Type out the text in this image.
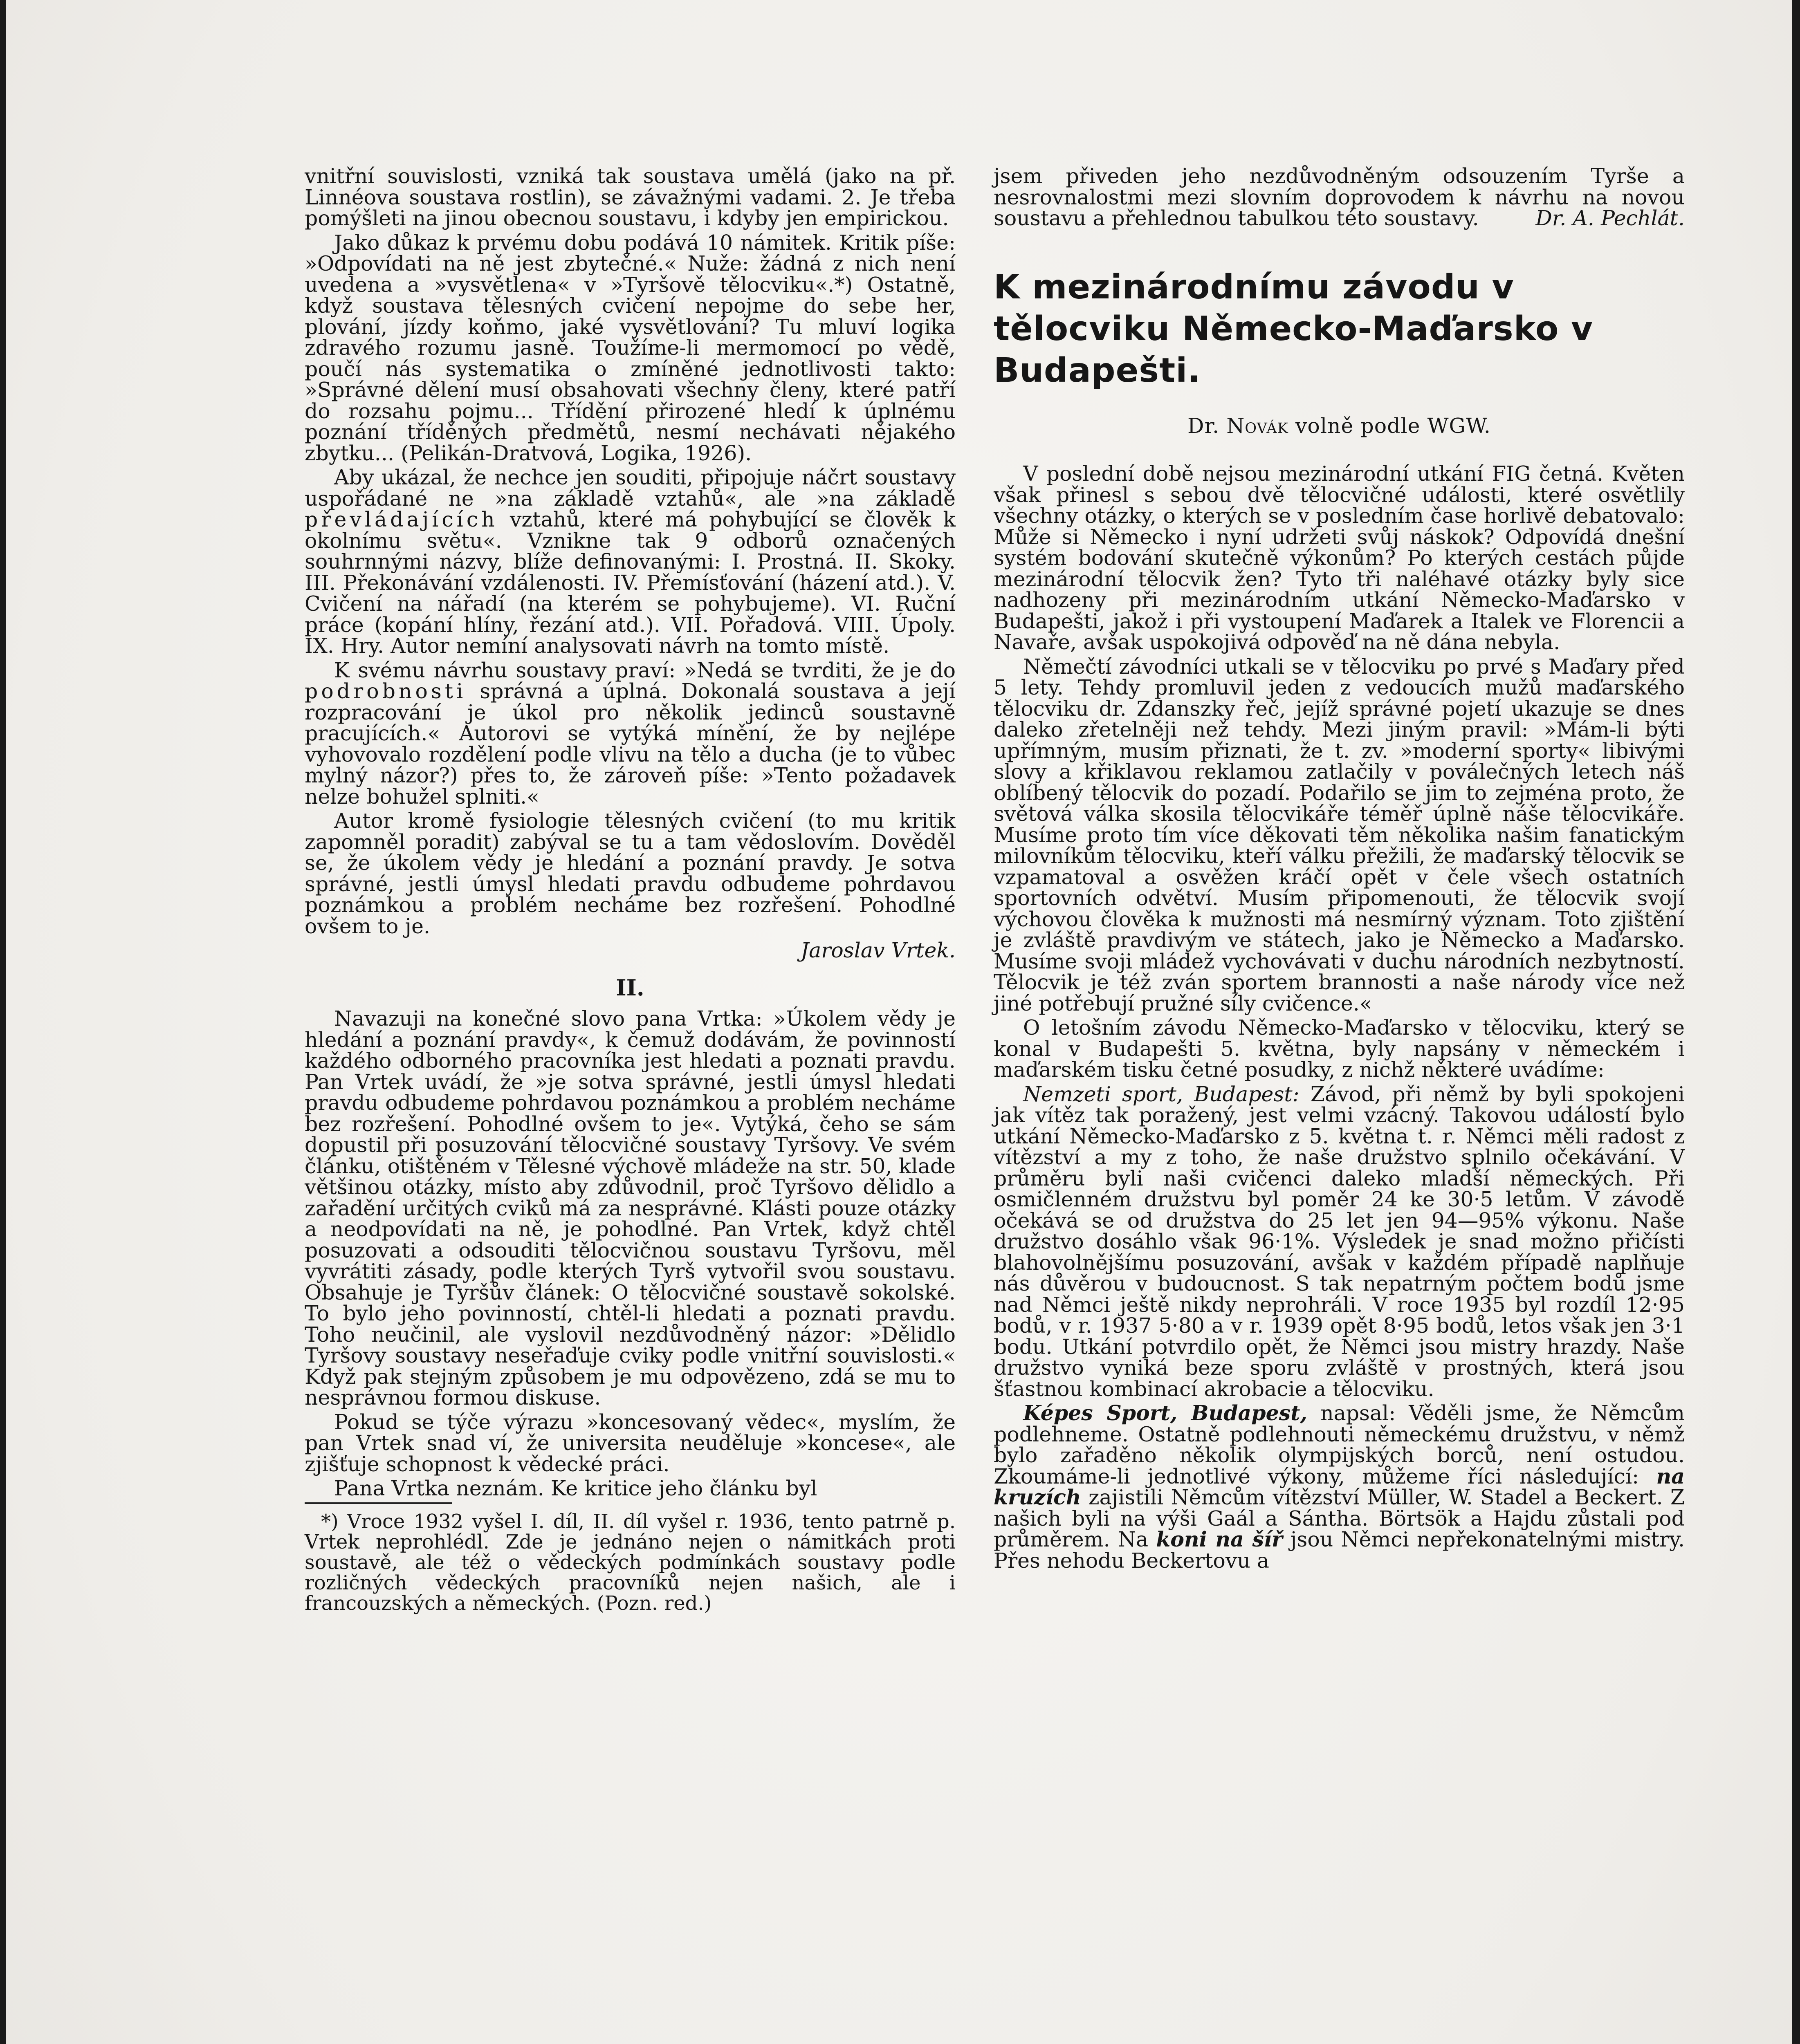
vnitřní souvislosti, vzniká tak soustava umělá (jako na př. Linnéova soustava rostlin), se závažnými vadami. 2. Je třeba pomýšleti na jinou obecnou soustavu, i kdyby jen empirickou.

Jako důkaz k prvému dobu podává 10 námitek. Kritik píše: »Odpovídati na ně jest zbytečné.« Nuže: žádná z nich není uvedena a »vysvětlena« v »Tyršově tělocviku«.*) Ostatně, když soustava tělesných cvičení nepojme do sebe her, plování, jízdy koňmo, jaké vysvětlování? Tu mluví logika zdravého rozumu jasně. Toužíme-li mermomocí po vědě, poučí nás systematika o zmíněné jednotlivosti takto: »Správné dělení musí obsahovati všechny členy, které patří do rozsahu pojmu... Třídění přirozené hledí k úplnému poznání tříděných předmětů, nesmí nechávati nějakého zbytku... (Pelikán-Dratvová, Logika, 1926).

Aby ukázal, že nechce jen souditi, připojuje náčrt soustavy uspořádané ne »na základě vztahů«, ale »na základě převládajících vztahů, které má pohybující se člověk k okolnímu světu«. Vznikne tak 9 odborů označených souhrnnými názvy, blíže definovanými: I. Prostná. II. Skoky. III. Překonávání vzdálenosti. IV. Přemísťování (házení atd.). V. Cvičení na nářadí (na kterém se pohybujeme). VI. Ruční práce (kopání hlíny, řezání atd.). VII. Pořadová. VIII. Úpoly. IX. Hry. Autor nemíní analysovati návrh na tomto místě.

K svému návrhu soustavy praví: »Nedá se tvrditi, že je do podrobnosti správná a úplná. Dokonalá soustava a její rozpracování je úkol pro několik jedinců soustavně pracujících.« Autorovi se vytýká mínění, že by nejlépe vyhovovalo rozdělení podle vlivu na tělo a ducha (je to vůbec mylný názor?) přes to, že zároveň píše: »Tento požadavek nelze bohužel splniti.«

Autor kromě fysiologie tělesných cvičení (to mu kritik zapomněl poradit) zabýval se tu a tam vědoslovím. Dověděl se, že úkolem vědy je hledání a poznání pravdy. Je sotva správné, jestli úmysl hledati pravdu odbudeme pohrdavou poznámkou a problém necháme bez rozřešení. Pohodlné ovšem to je.

Jaroslav Vrtek.
II.

Navazuji na konečné slovo pana Vrtka: »Úkolem vědy je hledání a poznání pravdy«, k čemuž dodávám, že povinností každého odborného pracovníka jest hledati a poznati pravdu. Pan Vrtek uvádí, že »je sotva správné, jestli úmysl hledati pravdu odbudeme pohrdavou poznámkou a problém necháme bez rozřešení. Pohodlné ovšem to je«. Vytýká, čeho se sám dopustil při posuzování tělocvičné soustavy Tyršovy. Ve svém článku, otištěném v Tělesné výchově mládeže na str. 50, klade většinou otázky, místo aby zdůvodnil, proč Tyršovo dělidlo a zařadění určitých cviků má za nesprávné. Klásti pouze otázky a neodpovídati na ně, je pohodlné. Pan Vrtek, když chtěl posuzovati a odsouditi tělocvičnou soustavu Tyršovu, měl vyvrátiti zásady, podle kterých Tyrš vytvořil svou soustavu. Obsahuje je Tyršův článek: O tělocvičné soustavě sokolské. To bylo jeho povinností, chtěl-li hledati a poznati pravdu. Toho neučinil, ale vyslovil nezdůvodněný názor: »Dělidlo Tyršovy soustavy neseřaďuje cviky podle vnitřní souvislosti.« Když pak stejným způsobem je mu odpovězeno, zdá se mu to nesprávnou formou diskuse.

Pokud se týče výrazu »koncesovaný vědec«, myslím, že pan Vrtek snad ví, že universita neuděluje »koncese«, ale zjišťuje schopnost k vědecké práci.

Pana Vrtka neznám. Ke kritice jeho článku byl

*) Vroce 1932 vyšel I. díl, II. díl vyšel r. 1936, tento patrně p. Vrtek neprohlédl. Zde je jednáno nejen o námitkách proti soustavě, ale též o vědeckých podmínkách soustavy podle rozličných vědeckých pracovníků nejen našich, ale i francouzských a německých. (Pozn. red.)

jsem přiveden jeho nezdůvodněným odsouzením Tyrše a nesrovnalostmi mezi slovním doprovodem k návrhu na novou soustavu a přehlednou tabulkou této soustavy.	Dr. A. Pechlát.

K mezinárodnímu závodu v tělocviku Německo-Maďarsko v Budapešti.
Dr. Novák volně podle WGW.

V poslední době nejsou mezinárodní utkání FIG četná. Květen však přinesl s sebou dvě tělocvičné události, které osvětlily všechny otázky, o kterých se v posledním čase horlivě debatovalo: Může si Německo i nyní udržeti svůj náskok? Odpovídá dnešní systém bodování skutečně výkonům? Po kterých cestách půjde mezinárodní tělocvik žen? Tyto tři naléhavé otázky byly sice nadhozeny při mezinárodním utkání Německo-Maďarsko v Budapešti, jakož i při vystoupení Maďarek a Italek ve Florencii a Navaře, avšak uspokojivá odpověď na ně dána nebyla.

Němečtí závodníci utkali se v tělocviku po prvé s Maďary před 5 lety. Tehdy promluvil jeden z vedoucích mužů maďarského tělocviku dr. Zdanszky řeč, jejíž správné pojetí ukazuje se dnes daleko zřetelněji než tehdy. Mezi jiným pravil: »Mám-li býti upřímným, musím přiznati, že t. zv. »moderní sporty« libivými slovy a křiklavou reklamou zatlačily v poválečných letech náš oblíbený tělocvik do pozadí. Podařilo se jim to zejména proto, že světová válka skosila tělocvikáře téměř úplně náše tělocvikáře. Musíme proto tím více děkovati těm několika našim fanatickým milovníkům tělocviku, kteří válku přežili, že maďarský tělocvik se vzpamatoval a osvěžen kráčí opět v čele všech ostatních sportovních odvětví. Musím připomenouti, že tělocvik svojí výchovou člověka k mužnosti má nesmírný význam. Toto zjištění je zvláště pravdivým ve státech, jako je Německo a Maďarsko. Musíme svoji mládež vychovávati v duchu národních nezbytností. Tělocvik je též zván sportem brannosti a naše národy více než jiné potřebují pružné síly cvičence.«

O letošním závodu Německo-Maďarsko v tělocviku, který se konal v Budapešti 5. května, byly napsány v německém i maďarském tisku četné posudky, z nichž některé uvádíme:

Nemzeti sport, Budapest: Závod, při němž by byli spokojeni jak vítěz tak poražený, jest velmi vzácný. Takovou událostí bylo utkání Německo-Maďarsko z 5. května t. r. Němci měli radost z vítězství a my z toho, že naše družstvo splnilo očekávání. V průměru byli naši cvičenci daleko mladší německých. Při osmičlenném družstvu byl poměr 24 ke 30·5 letům. V závodě očekává se od družstva do 25 let jen 94—95% výkonu. Naše družstvo dosáhlo však 96·1%. Výsledek je snad možno přičísti blahovolnějšímu posuzování, avšak v každém případě naplňuje nás důvěrou v budoucnost. S tak nepatrným počtem bodů jsme nad Němci ještě nikdy neprohráli. V roce 1935 byl rozdíl 12·95 bodů, v r. 1937 5·80 a v r. 1939 opět 8·95 bodů, letos však jen 3·1 bodu. Utkání potvrdilo opět, že Němci jsou mistry hrazdy. Naše družstvo vyniká beze sporu zvláště v prostných, která jsou šťastnou kombinací akrobacie a tělocviku.

Képes Sport, Budapest, napsal: Věděli jsme, že Němcům podlehneme. Ostatně podlehnouti německému družstvu, v němž bylo zařaděno několik olympijských borců, není ostudou. Zkoumáme-li jednotlivé výkony, můžeme říci následující: na kruzích zajistili Němcům vítězství Müller, W. Stadel a Beckert. Z našich byli na výši Gaál a Sántha. Börtsök a Hajdu zůstali pod průměrem. Na koni na šíř jsou Němci nepřekonatelnými mistry. Přes nehodu Beckertovu a
